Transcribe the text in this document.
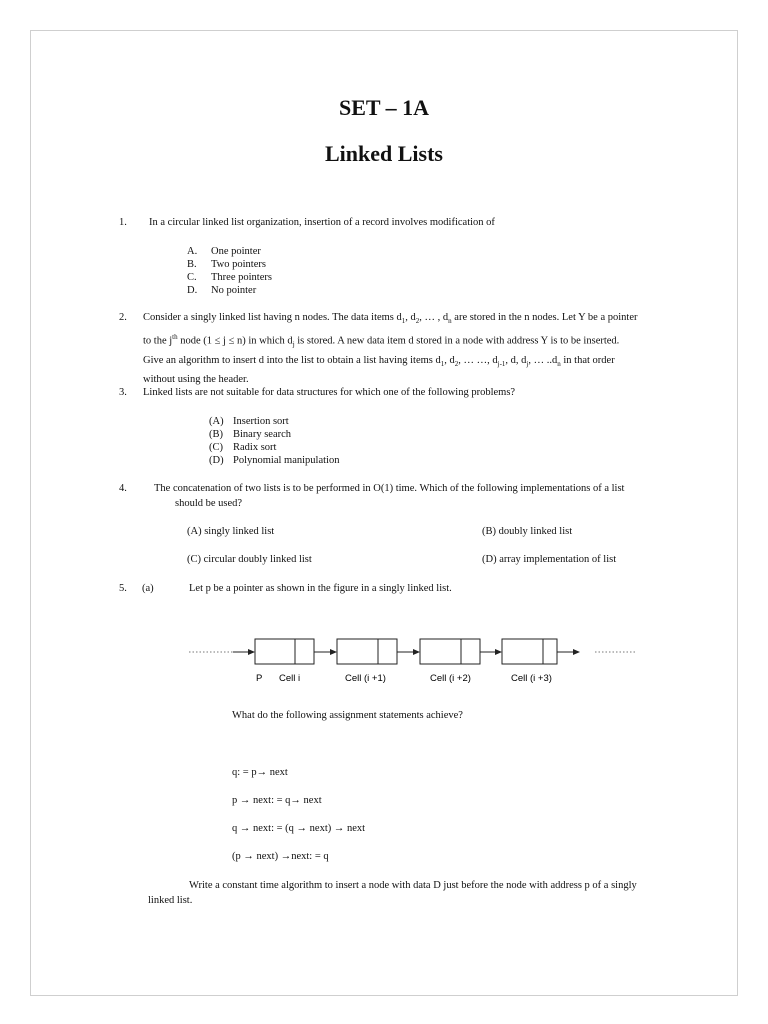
SET – 1A
Linked Lists
1. In a circular linked list organization, insertion of a record involves modification of
A. One pointer
B. Two pointers
C. Three pointers
D. No pointer
2. Consider a singly linked list having n nodes. The data items $d_1$, $d_2$, … , $d_n$ are stored in the n nodes. Let Y be a pointer
to the $j^{th}$ node (1 ≤ j ≤ n) in which $d_j$ is stored. A new data item d stored in a node with address Y is to be inserted.
Give an algorithm to insert d into the list to obtain a list having items $d_1$, $d_2$, … …, $d_{j-1}$, d, $d_j$, … $..d_n$ in that order
without using the header.
3. Linked lists are not suitable for data structures for which one of the following problems?
(A) Insertion sort
(B) Binary search
(C) Radix sort
(D) Polynomial manipulation
4.	The concatenation of two lists is to be performed in O(1) time. Which of the following implementations of a list
should be used?
(A) singly linked list	(B) doubly linked list
(C) circular doubly linked list	(D) array implementation of list
5. (a)	Let p be a pointer as shown in the figure in a singly linked list.
P Cell i	Cell (i +1)	Cell (i +2)	Cell (i +3)
What do the following assignment statements achieve?
q: = p→ next
p → next: = q→ next
q → next: = (q → next) → next
(p → next) →next: = q
Write a constant time algorithm to insert a node with data D just before the node with address p of a singly
linked list.
